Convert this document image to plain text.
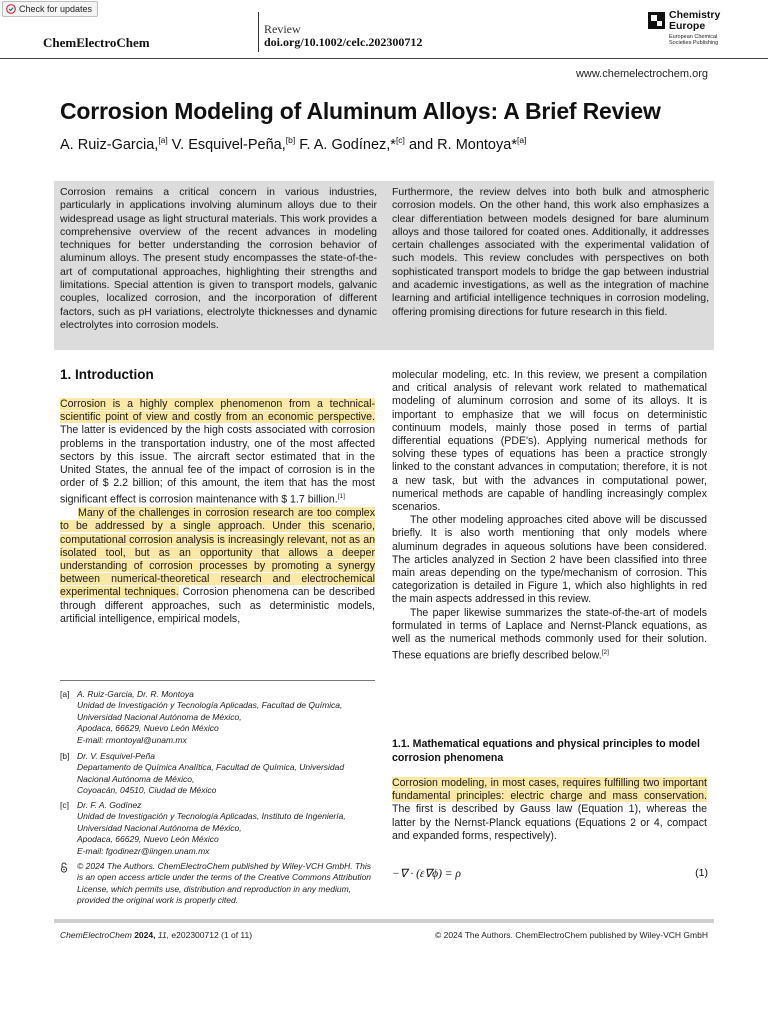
Check for updates
ChemElectroChem
Review
doi.org/10.1002/celc.202300712
Chemistry Europe
European Chemical
Societies Publishing
www.chemelectrochem.org
Corrosion Modeling of Aluminum Alloys: A Brief Review
A. Ruiz-Garcia,[a] V. Esquivel-Peña,[b] F. A. Godínez,*[c] and R. Montoya*[a]
Corrosion remains a critical concern in various industries, particularly in applications involving aluminum alloys due to their widespread usage as light structural materials. This work provides a comprehensive overview of the recent advances in modeling techniques for better understanding the corrosion behavior of aluminum alloys. The present study encompasses the state-of-the-art of computational approaches, highlighting their strengths and limitations. Special attention is given to transport models, galvanic couples, localized corrosion, and the incorporation of different factors, such as pH variations, electrolyte thicknesses and dynamic electrolytes into corrosion models.
Furthermore, the review delves into both bulk and atmospheric corrosion models. On the other hand, this work also emphasizes a clear differentiation between models designed for bare aluminum alloys and those tailored for coated ones. Additionally, it addresses certain challenges associated with the experimental validation of such models. This review concludes with perspectives on both sophisticated transport models to bridge the gap between industrial and academic investigations, as well as the integration of machine learning and artificial intelligence techniques in corrosion modeling, offering promising directions for future research in this field.
1. Introduction

Corrosion is a highly complex phenomenon from a technical-scientific point of view and costly from an economic perspective. The latter is evidenced by the high costs associated with corrosion problems in the transportation industry, one of the most affected sectors by this issue. The aircraft sector estimated that in the United States, the annual fee of the impact of corrosion is in the order of $ 2.2 billion; of this amount, the item that has the most significant effect is corrosion maintenance with $ 1.7 billion.[1]

Many of the challenges in corrosion research are too complex to be addressed by a single approach. Under this scenario, computational corrosion analysis is increasingly relevant, not as an isolated tool, but as an opportunity that allows a deeper understanding of corrosion processes by promoting a synergy between numerical-theoretical research and electrochemical experimental techniques. Corrosion phenomena can be described through different approaches, such as deterministic models, artificial intelligence, empirical models,

molecular modeling, etc. In this review, we present a compilation and critical analysis of relevant work related to mathematical modeling of aluminum corrosion and some of its alloys. It is important to emphasize that we will focus on deterministic continuum models, mainly those posed in terms of partial differential equations (PDE's). Applying numerical methods for solving these types of equations has been a practice strongly linked to the constant advances in computation; therefore, it is not a new task, but with the advances in computational power, numerical methods are capable of handling increasingly complex scenarios.

The other modeling approaches cited above will be discussed briefly. It is also worth mentioning that only models where aluminum degrades in aqueous solutions have been considered. The articles analyzed in Section 2 have been classified into three main areas depending on the type/mechanism of corrosion. This categorization is detailed in Figure 1, which also highlights in red the main aspects addressed in this review.

The paper likewise summarizes the state-of-the-art of models formulated in terms of Laplace and Nernst-Planck equations, as well as the numerical methods commonly used for their solution. These equations are briefly described below.[2]

1.1. Mathematical equations and physical principles to model corrosion phenomena

Corrosion modeling, in most cases, requires fulfilling two important fundamental principles: electric charge and mass conservation. The first is described by Gauss law (Equation 1), whereas the latter by the Nernst-Planck equations (Equations 2 or 4, compact and expanded forms, respectively).

−∇ · (ε∇ϕ) = ρ	(1)
[a] A. Ruiz-Garcia, Dr. R. Montoya
Unidad de Investigación y Tecnología Aplicadas, Facultad de Química, Universidad Nacional Autónoma de México,
Apodaca, 66629, Nuevo León México
E-mail: rmontoyal@unam.mx
[b] Dr. V. Esquivel-Peña
Departamento de Química Analítica, Facultad de Química, Universidad Nacional Autónoma de México,
Coyoacán, 04510, Ciudad de México
[c] Dr. F. A. Godínez
Unidad de Investigación y Tecnología Aplicadas, Instituto de Ingeniería, Universidad Nacional Autónoma de México,
Apodaca, 66629, Nuevo León México
E-mail: fgodinezr@iingen.unam.mx
© 2024 The Authors. ChemElectroChem published by Wiley-VCH GmbH. This is an open access article under the terms of the Creative Commons Attribution License, which permits use, distribution and reproduction in any medium, provided the original work is properly cited.
ChemElectroChem 2024, 11, e202300712 (1 of 11)	© 2024 The Authors. ChemElectroChem published by Wiley-VCH GmbH
